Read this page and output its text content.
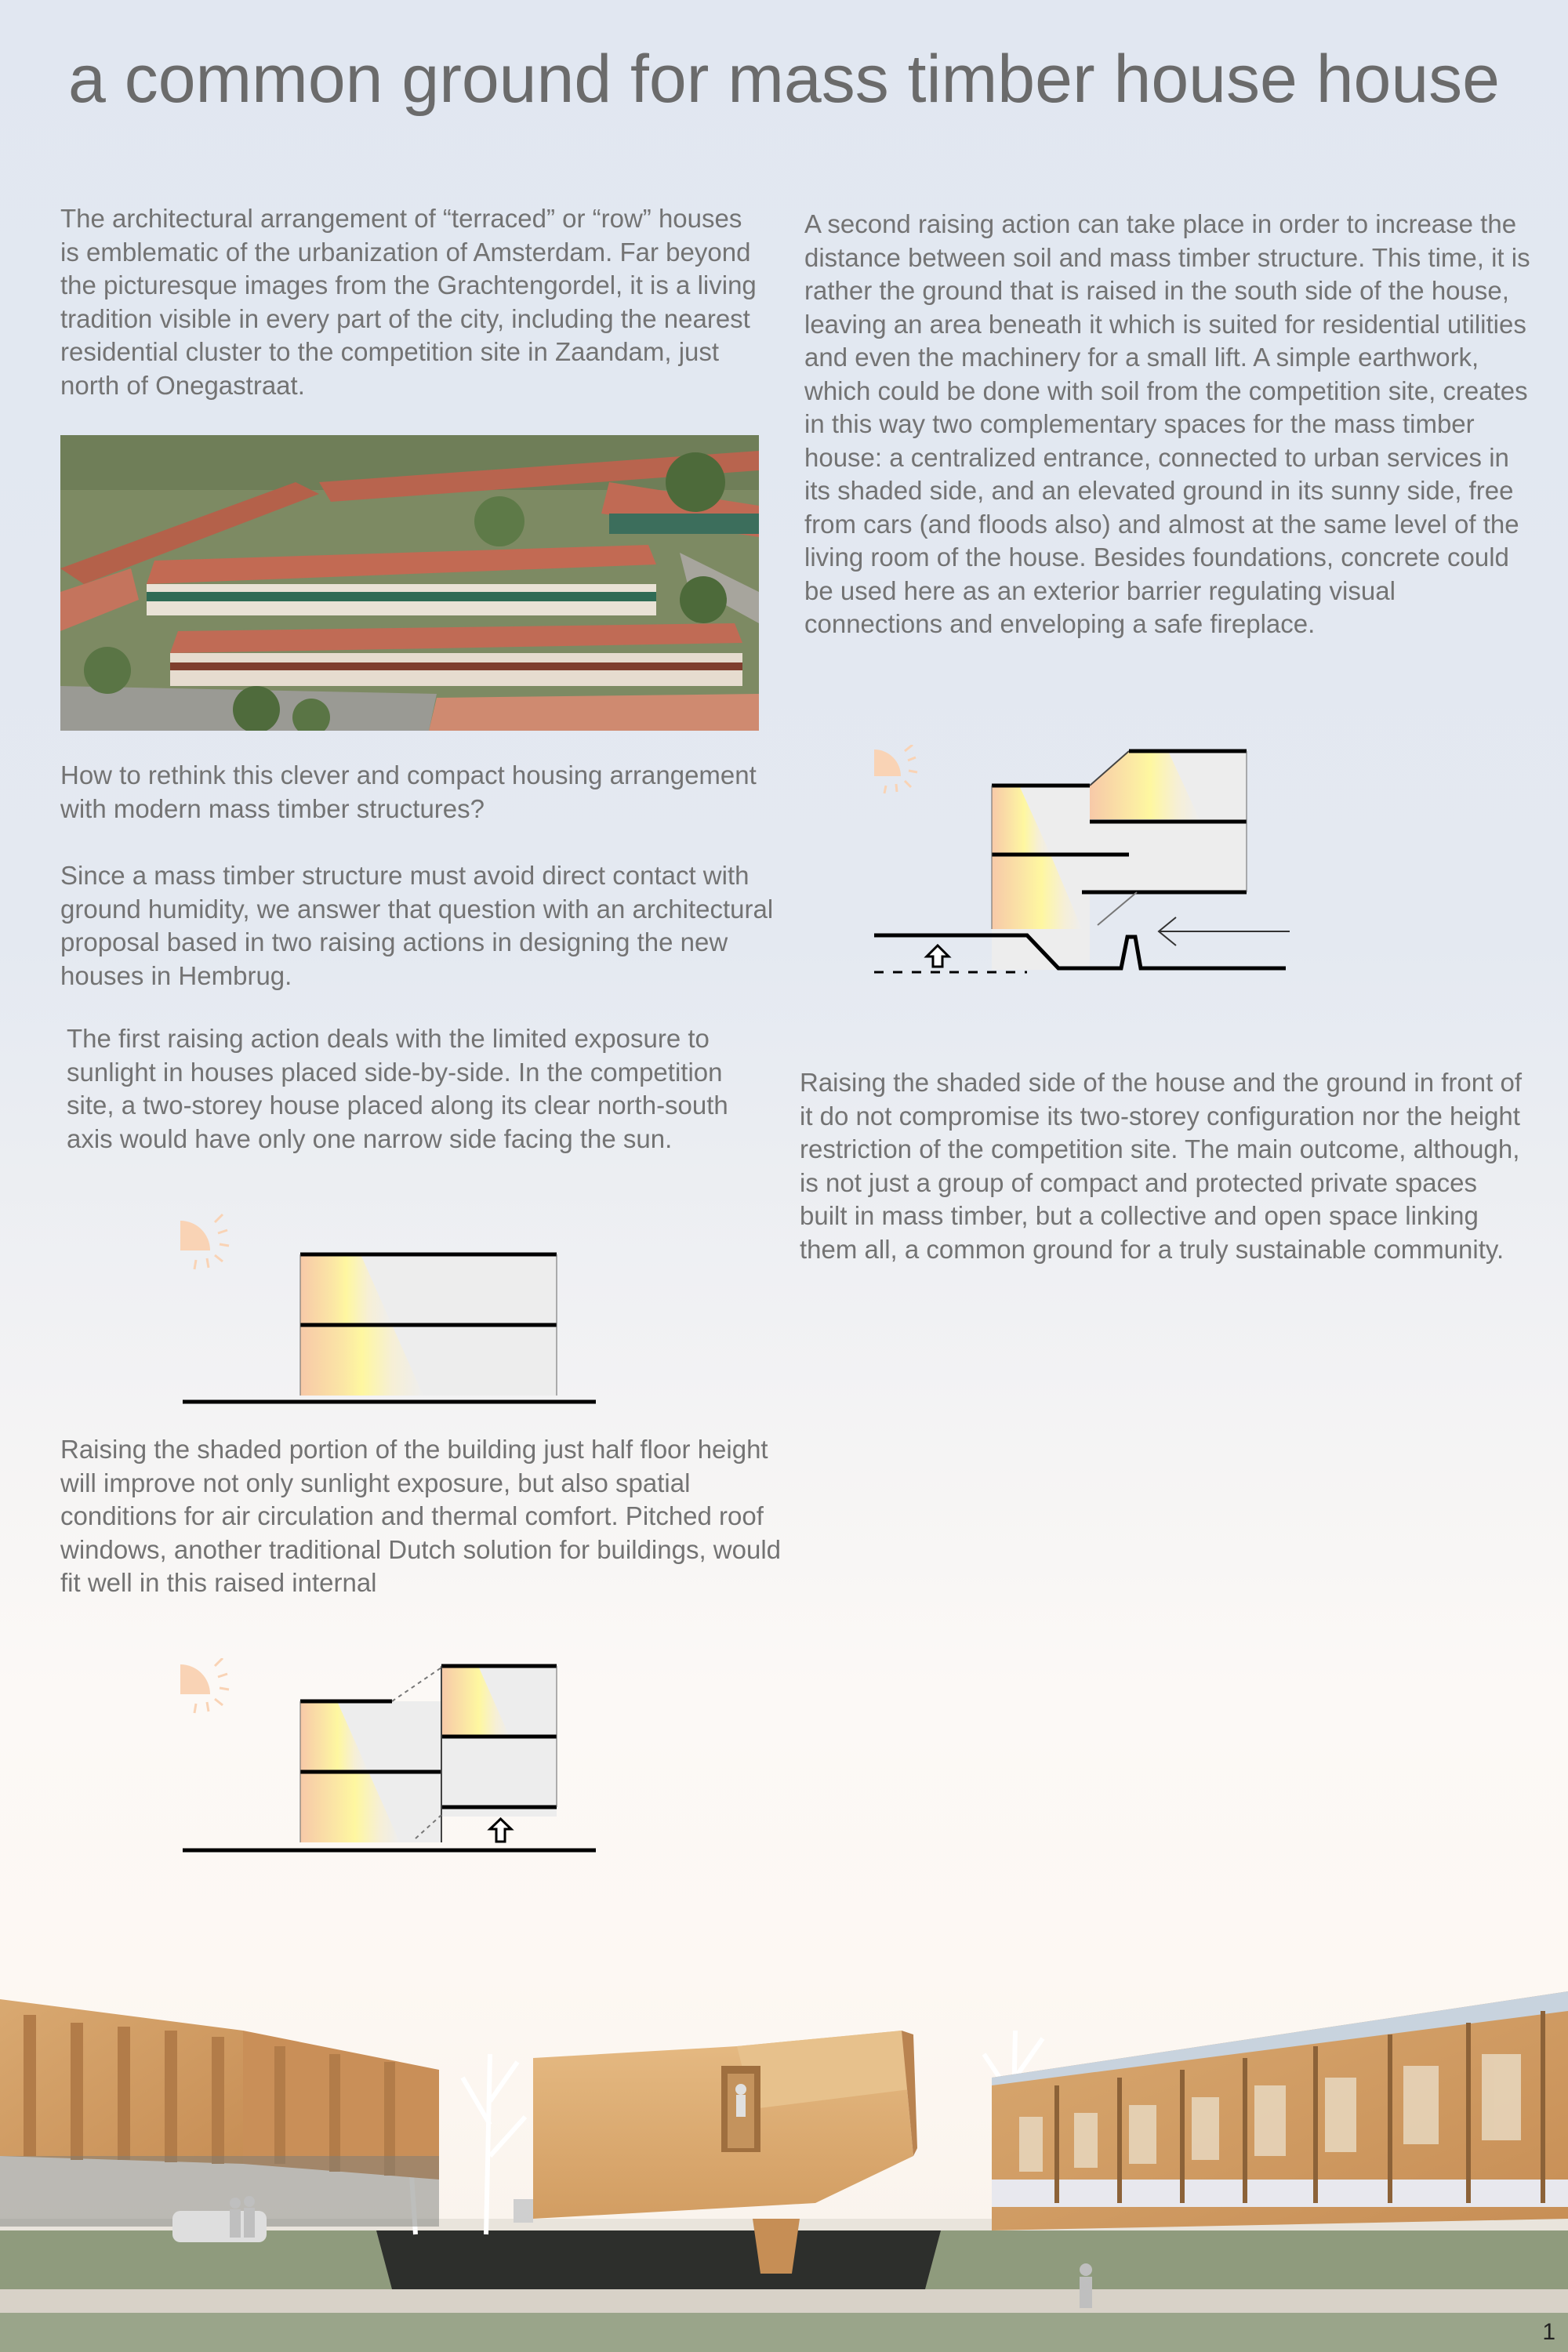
a common ground for mass timber house house

The architectural arrangement of “terraced” or “row” houses is emblematic of the urbanization of Amsterdam. Far beyond the picturesque images from the Grachtengordel, it is a living tradition visible in every part of the city, including the nearest residential cluster to the competition site in Zaandam, just north of Onegastraat.

How to rethink this clever and compact housing arrangement with modern mass timber structures?

Since a mass timber structure must avoid direct contact with ground humidity, we answer that question with an architectural proposal based in two raising actions in designing the new houses in Hembrug.

The first raising action deals with the limited exposure to sunlight in houses placed side-by-side. In the competition site, a two-storey house placed along its clear north-south axis would have only one narrow side facing the sun.

Raising the shaded portion of the building just half floor height will improve not only sunlight exposure, but also spatial conditions for air circulation and thermal comfort. Pitched roof windows, another traditional Dutch solution for buildings, would fit well in this raised internal

A second raising action can take place in order to increase the distance between soil and mass timber structure. This time, it is rather the ground that is raised in the south side of the house, leaving an area beneath it which is suited for residential utilities and even the machinery for a small lift. A simple earthwork, which could be done with soil from the competition site, creates in this way two complementary spaces for the mass timber house: a centralized entrance, connected to urban services in its shaded side, and an elevated ground in its sunny side, free from cars (and floods also) and almost at the same level of the living room of the house. Besides foundations, concrete could be used here as an exterior barrier regulating visual connections and enveloping a safe fireplace.

Raising the shaded side of the house and the ground in front of it do not compromise its two-storey configuration nor the height restriction of the competition site. The main outcome, although, is not just a group of compact and protected private spaces built in mass timber, but a collective and open space linking them all, a common ground for a truly sustainable community.

1
